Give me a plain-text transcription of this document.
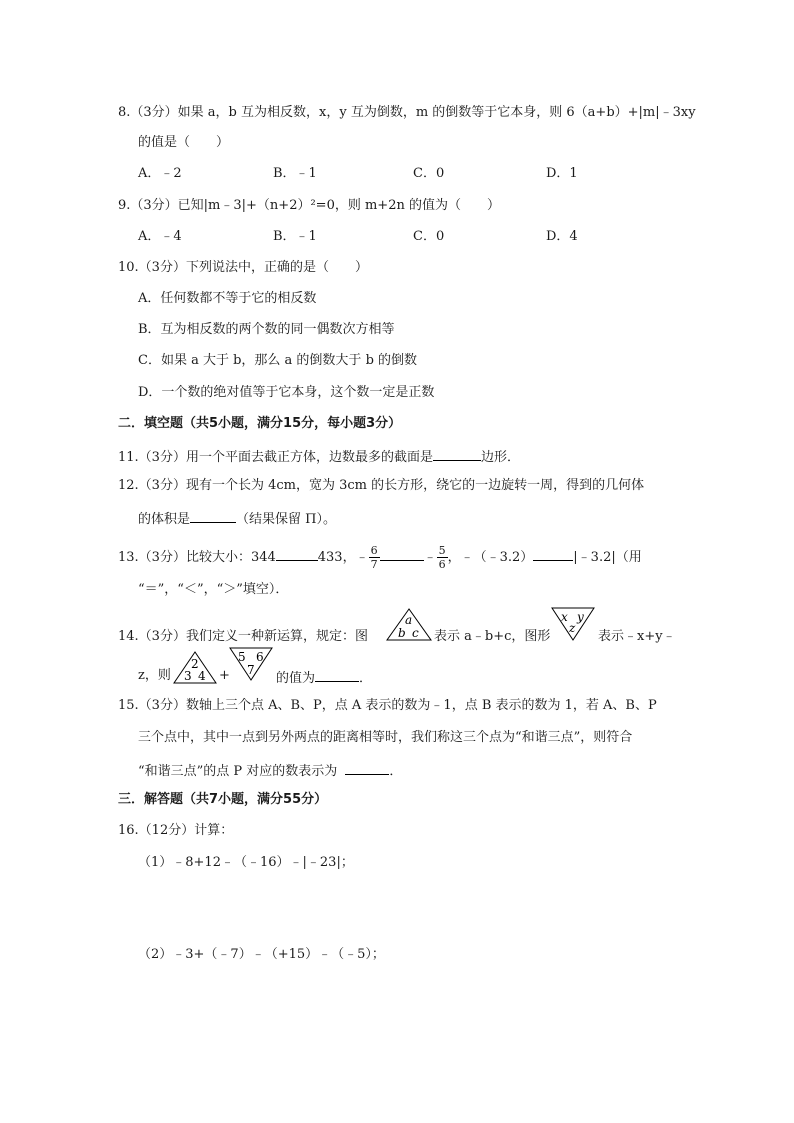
8.（3分）如果 a，b 互为相反数，x，y 互为倒数，m 的倒数等于它本身，则 6（a+b）+|m|﹣3xy
的值是（　　）
A．﹣2	B．﹣1	C．0	D．1
9.（3分）已知|m﹣3|+（n+2）²=0，则 m+2n 的值为（　　）
A．﹣4	B．﹣1	C．0	D．4
10.（3分）下列说法中，正确的是（　　）
A．任何数都不等于它的相反数
B．互为相反数的两个数的同一偶数次方相等
C．如果 a 大于 b，那么 a 的倒数大于 b 的倒数
D．一个数的绝对值等于它本身，这个数一定是正数
二．填空题（共5小题，满分15分，每小题3分）
11.（3分）用一个平面去截正方体，边数最多的截面是	边形．
12.（3分）现有一个长为 4cm，宽为 3cm 的长方形，绕它的一边旋转一周，得到的几何体
的体积是	（结果保留 Π）。
13.（3分）比较大小：344	433，﹣ $\frac{6}{7}$	﹣ $\frac{5}{6}$ ，﹣（﹣3.2）	|﹣3.2|（用
“＝”，“＜”，“＞”填空）．
14.（3分）我们定义一种新运算，规定：图
a
b c 表示 a﹣b+c，图形
x y
z
表示﹣x+y﹣
z，则
2
3 4 +
5 6
7
的值为	．
15.（3分）数轴上三个点 A、B、P，点 A 表示的数为﹣1，点 B 表示的数为 1，若 A、B、P
三个点中，其中一点到另外两点的距离相等时，我们称这三个点为“和谐三点”，则符合
“和谐三点”的点 P 对应的数表示为	．
三．解答题（共7小题，满分55分）
16.（12分）计算：
（1）﹣8+12﹣（﹣16）﹣|﹣23|；
（2）﹣3+（﹣7）﹣（+15）﹣（﹣5）；
